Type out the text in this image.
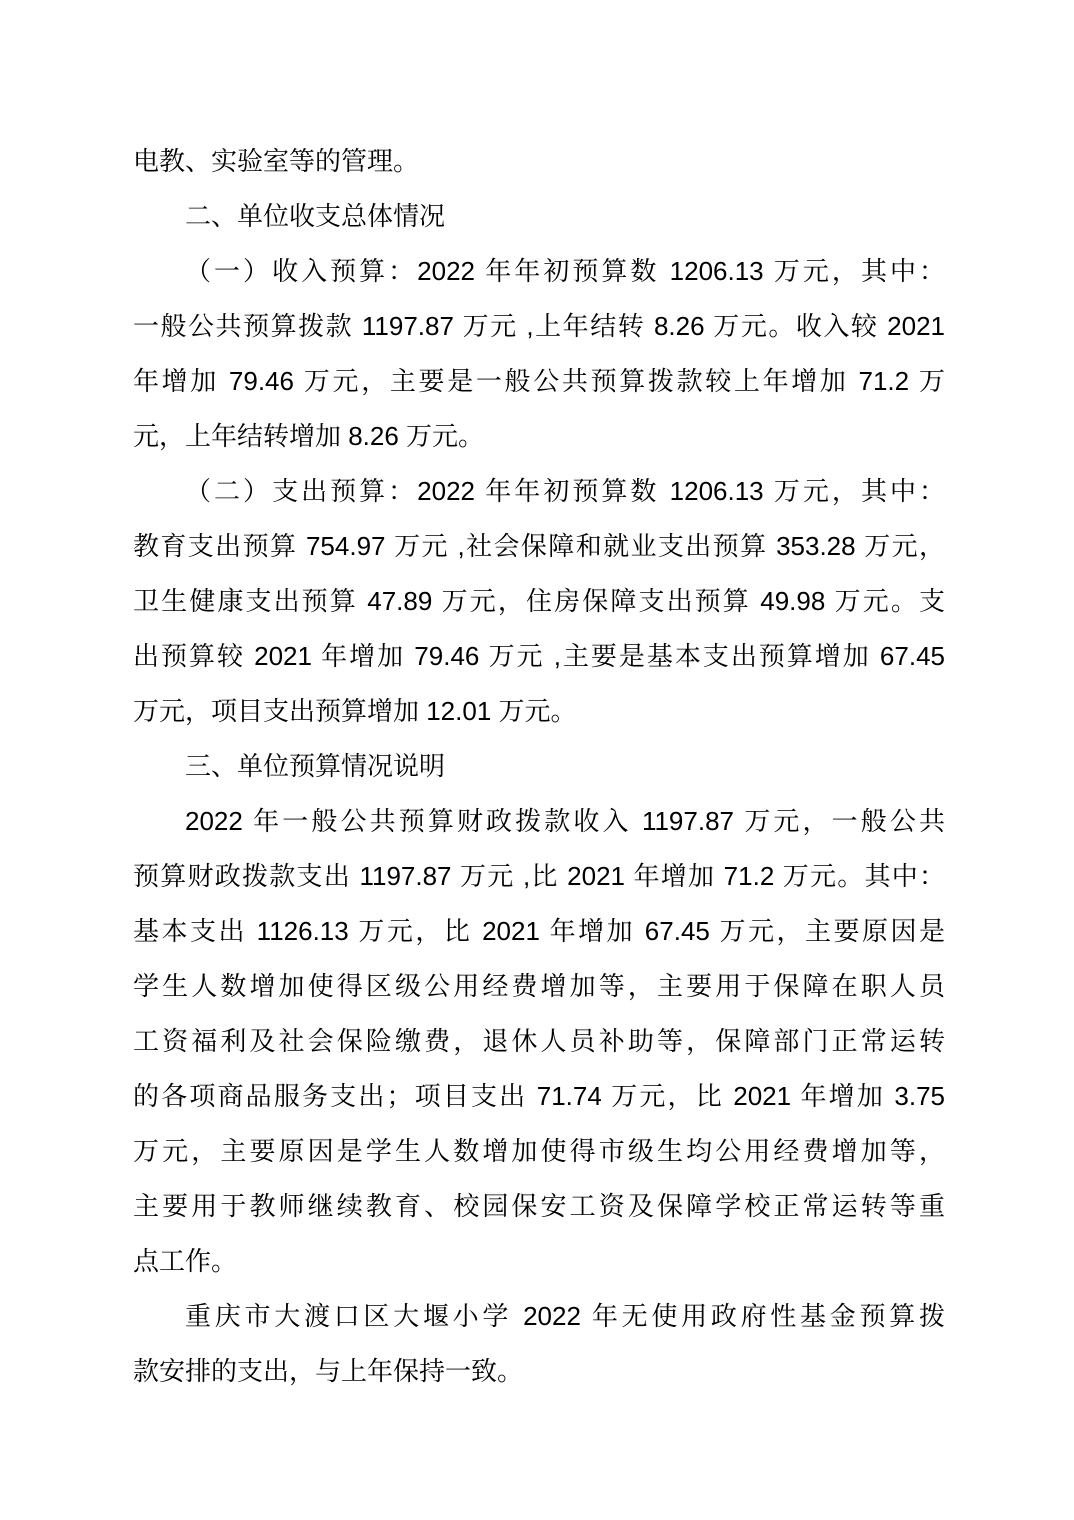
电教、实验室等的管理。
二、单位收支总体情况
（一）收入预算：2022 年年初预算数 1206.13 万元，其中：
一般公共预算拨款 1197.87 万元 ,上年结转 8.26 万元。收入较 2021
年增加 79.46 万元，主要是一般公共预算拨款较上年增加 71.2 万
元，上年结转增加 8.26 万元。
（二）支出预算：2022 年年初预算数 1206.13 万元，其中：
教育支出预算 754.97 万元 ,社会保障和就业支出预算 353.28 万元，
卫生健康支出预算 47.89 万元，住房保障支出预算 49.98 万元。支
出预算较 2021 年增加 79.46 万元 ,主要是基本支出预算增加 67.45
万元，项目支出预算增加 12.01 万元。
三、单位预算情况说明
2022 年一般公共预算财政拨款收入 1197.87 万元，一般公共
预算财政拨款支出 1197.87 万元 ,比 2021 年增加 71.2 万元。其中：
基本支出 1126.13 万元，比 2021 年增加 67.45 万元，主要原因是
学生人数增加使得区级公用经费增加等，主要用于保障在职人员
工资福利及社会保险缴费，退休人员补助等，保障部门正常运转
的各项商品服务支出；项目支出 71.74 万元，比 2021 年增加 3.75
万元，主要原因是学生人数增加使得市级生均公用经费增加等，
主要用于教师继续教育、校园保安工资及保障学校正常运转等重
点工作。
重庆市大渡口区大堰小学 2022 年无使用政府性基金预算拨
款安排的支出，与上年保持一致。
